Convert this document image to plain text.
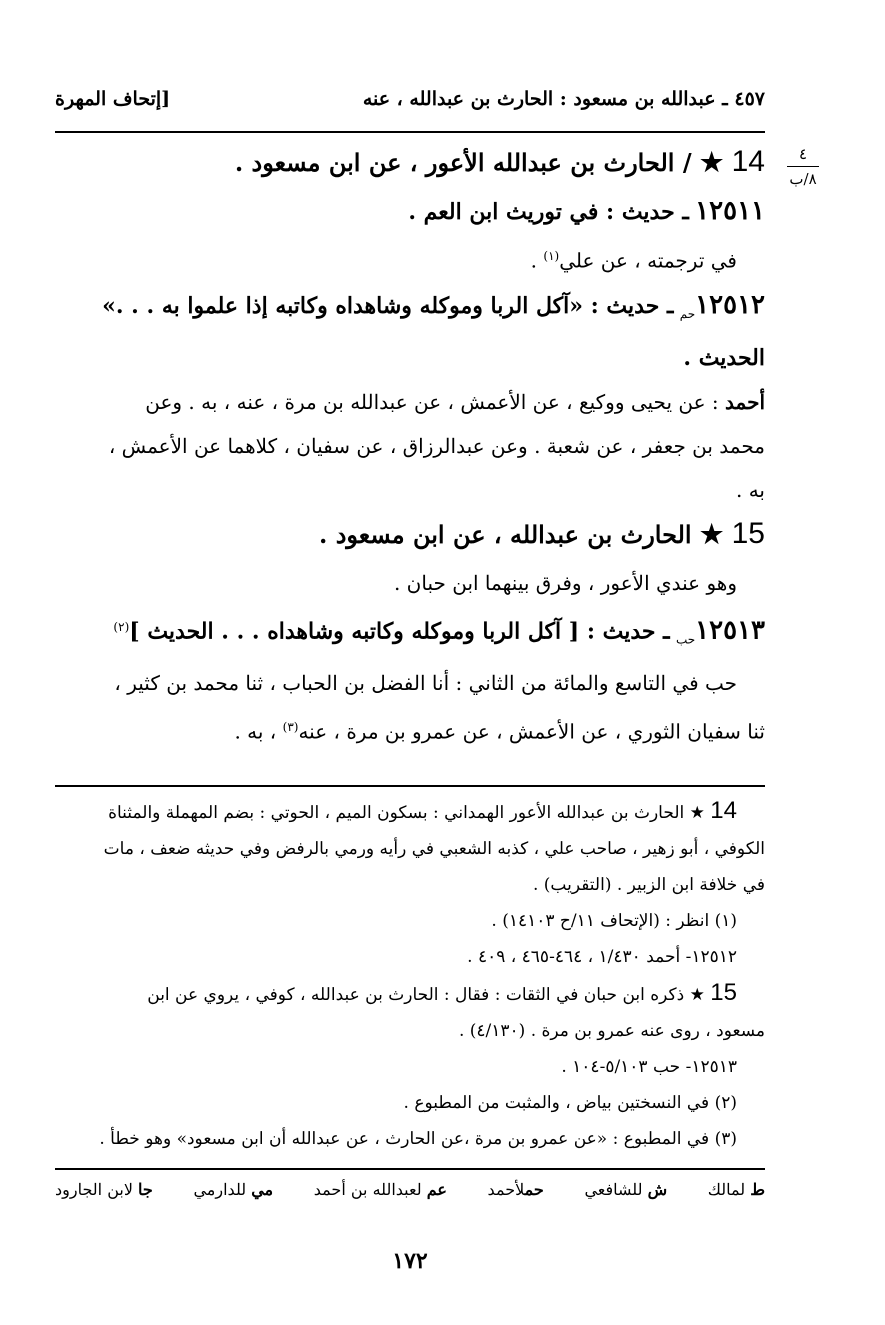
٤٥٧ ـ عبدالله بن مسعود : الحارث بن عبدالله ، عنه
[إتحاف المهرة
٤
٨/ب

14 ★ / الحارث بن عبدالله الأعور ، عن ابن مسعود .

١٢٥١١ ـ حديث : في توريث ابن العم .

في ترجمته ، عن علي$^{(١)}$ .

$١٢٥١٢_{حم}$ ـ حديث : «آكل الربا وموكله وشاهداه وكاتبه إذا علموا به . . .»

الحديث .

أحمد : عن يحيى ووكيع ، عن الأعمش ، عن عبدالله بن مرة ، عنه ، به . وعن

محمد بن جعفر ، عن شعبة . وعن عبدالرزاق ، عن سفيان ، كلاهما عن الأعمش ،

به .

15 ★ الحارث بن عبدالله ، عن ابن مسعود .

وهو عندي الأعور ، وفرق بينهما ابن حبان .

$١٢٥١٣_{حب}$ ـ حديث : [ آكل الربا وموكله وكاتبه وشاهداه . . . الحديث ]$^{(٢)}$

حب في التاسع والمائة من الثاني : أنا الفضل بن الحباب ، ثنا محمد بن كثير ،

ثنا سفيان الثوري ، عن الأعمش ، عن عمرو بن مرة ، عنه$^{(٣)}$ ، به .

14 ★ الحارث بن عبدالله الأعور الهمداني : بسكون الميم ، الحوتي : بضم المهملة والمثناة

الكوفي ، أبو زهير ، صاحب علي ، كذبه الشعبي في رأيه ورمي بالرفض وفي حديثه ضعف ، مات

في خلافة ابن الزبير . (التقريب) .

(١) انظر : (الإتحاف ١١/ح ١٤١٠٣) .

١٢٥١٢- أحمد ١/٤٣٠ ، ٤٦٤-٤٦٥ ، ٤٠٩ .

15 ★ ذكره ابن حبان في الثقات : فقال : الحارث بن عبدالله ، كوفي ، يروي عن ابن

مسعود ، روى عنه عمرو بن مرة . (٤/١٣٠) .

١٢٥١٣- حب ٥/١٠٣-١٠٤ .

(٢) في النسختين بياض ، والمثبت من المطبوع .

(٣) في المطبوع : «عن عمرو بن مرة ،عن الحارث ، عن عبدالله أن ابن مسعود» وهو خطأ .

ط لمالك
ش للشافعي
حملأحمد
عم لعبدالله بن أحمد
مي للدارمي
جا لابن الجارود
١٧٢
